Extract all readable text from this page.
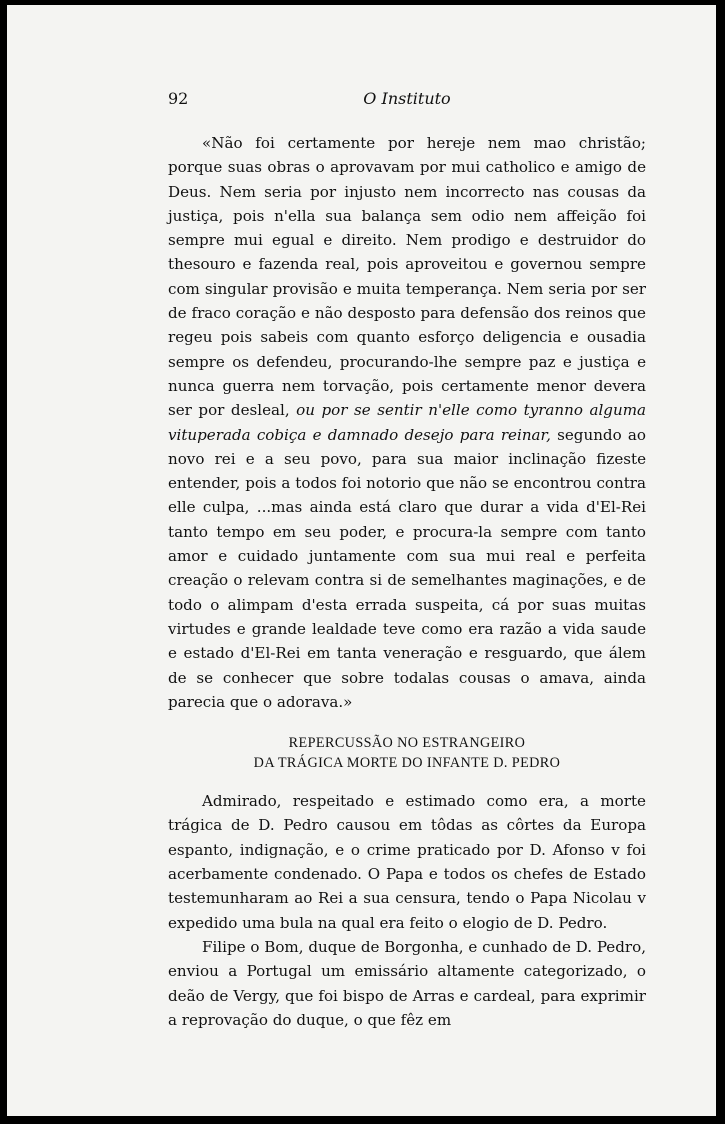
92	O Instituto

«Não foi certamente por hereje nem mao christão; porque suas obras o aprovavam por mui catholico e amigo de Deus. Nem seria por injusto nem incorrecto nas cousas da justiça, pois n'ella sua balança sem odio nem affeição foi sempre mui egual e direito. Nem prodigo e destruidor do thesouro e fazenda real, pois aproveitou e governou sempre com singular provisão e muita temperança. Nem seria por ser de fraco coração e não desposto para defensão dos reinos que regeu pois sabeis com quanto esforço deligencia e ousadia sempre os defendeu, procurando-lhe sempre paz e justiça e nunca guerra nem torvação, pois certamente menor devera ser por desleal, ou por se sentir n'elle como tyranno alguma vituperada cobiça e damnado desejo para reinar, segundo ao novo rei e a seu povo, para sua maior inclinação fizeste entender, pois a todos foi notorio que não se encontrou contra elle culpa, ...mas ainda está claro que durar a vida d'El-Rei tanto tempo em seu poder, e procura-la sempre com tanto amor e cuidado juntamente com sua mui real e perfeita creação o relevam contra si de semelhantes maginações, e de todo o alimpam d'esta errada suspeita, cá por suas muitas virtudes e grande lealdade teve como era razão a vida saude e estado d'El-Rei em tanta veneração e resguardo, que álem de se conhecer que sobre todalas cousas o amava, ainda parecia que o adorava.»

REPERCUSSÃO NO ESTRANGEIRO
DA TRÁGICA MORTE DO INFANTE D. PEDRO

Admirado, respeitado e estimado como era, a morte trágica de D. Pedro causou em tôdas as côrtes da Europa espanto, indignação, e o crime praticado por D. Afonso v foi acerbamente condenado. O Papa e todos os chefes de Estado testemunharam ao Rei a sua censura, tendo o Papa Nicolau v expedido uma bula na qual era feito o elogio de D. Pedro.

Filipe o Bom, duque de Borgonha, e cunhado de D. Pedro, enviou a Portugal um emissário altamente categorizado, o deão de Vergy, que foi bispo de Arras e cardeal, para exprimir a reprovação do duque, o que fêz em
